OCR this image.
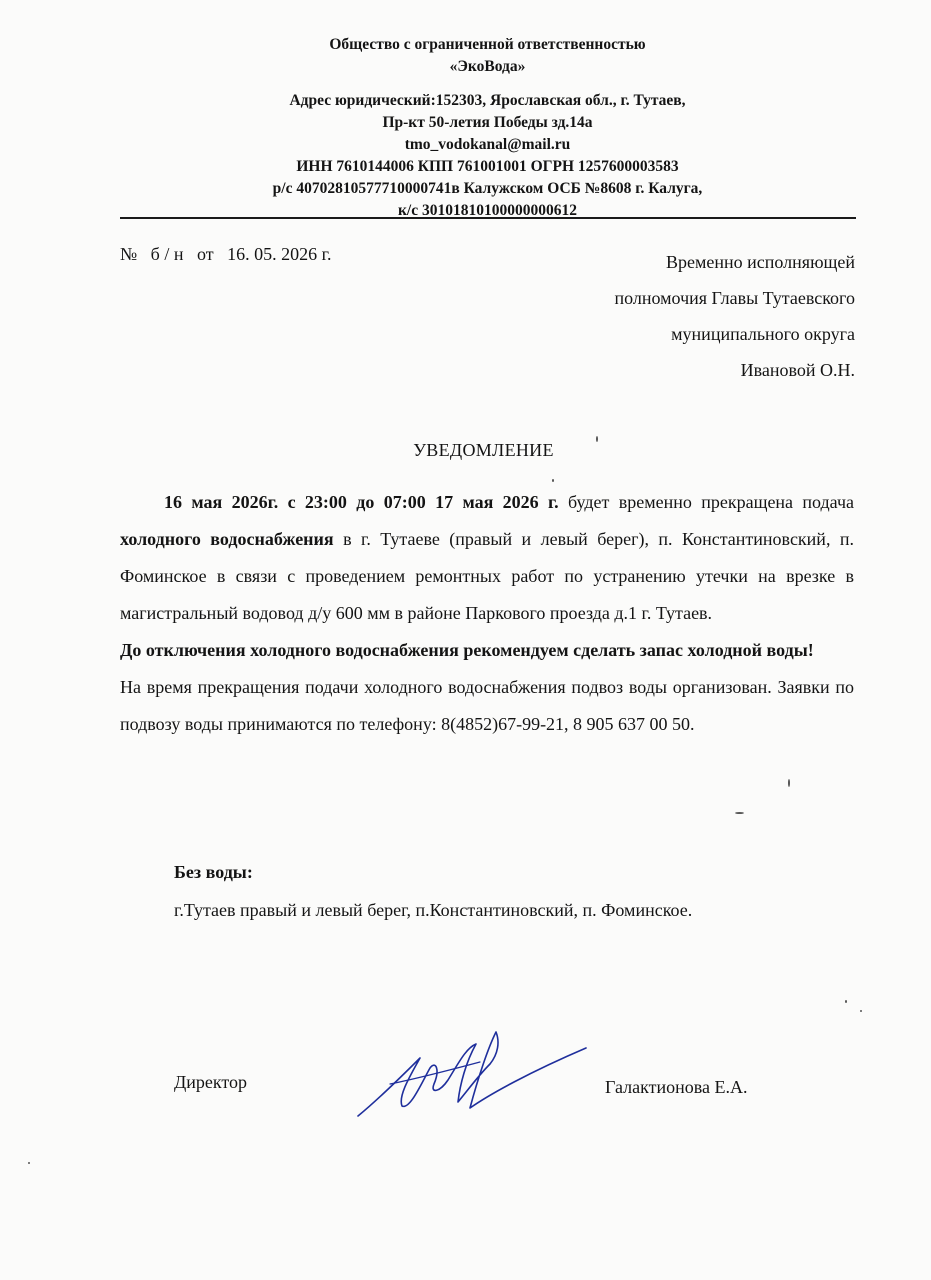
Общество с ограниченной ответственностью
«ЭкоВода»
Адрес юридический:152303, Ярославская обл., г. Тутаев,
Пр-кт 50-летия Победы зд.14а
tmo_vodokanal@mail.ru
ИНН 7610144006 КПП 761001001 ОГРН 1257600003583
р/с 40702810577710000741в Калужском ОСБ №8608 г. Калуга,
к/с 30101810100000000612
№   б / н   от   16. 05. 2026 г.	Временно исполняющей
полномочия Главы Тутаевского
муниципального округа
Ивановой О.Н.
УВЕДОМЛЕНИЕ

16 мая 2026г. с 23:00 до 07:00 17 мая 2026 г. будет временно прекращена подача холодного водоснабжения в г. Тутаеве (правый и левый берег), п. Константиновский, п. Фоминское в связи с проведением ремонтных работ по устранению утечки на врезке в магистральный водовод д/у 600 мм в районе Паркового проезда д.1 г. Тутаев.

До отключения холодного водоснабжения рекомендуем сделать запас холодной воды!

На время прекращения подачи холодного водоснабжения подвоз воды организован. Заявки по подвозу воды принимаются по телефону: 8(4852)67-99-21, 8 905 637 00 50.

Без воды:
г.Тутаев правый и левый берег, п.Константиновский, п. Фоминское.
Директор	Галактионова Е.А.
